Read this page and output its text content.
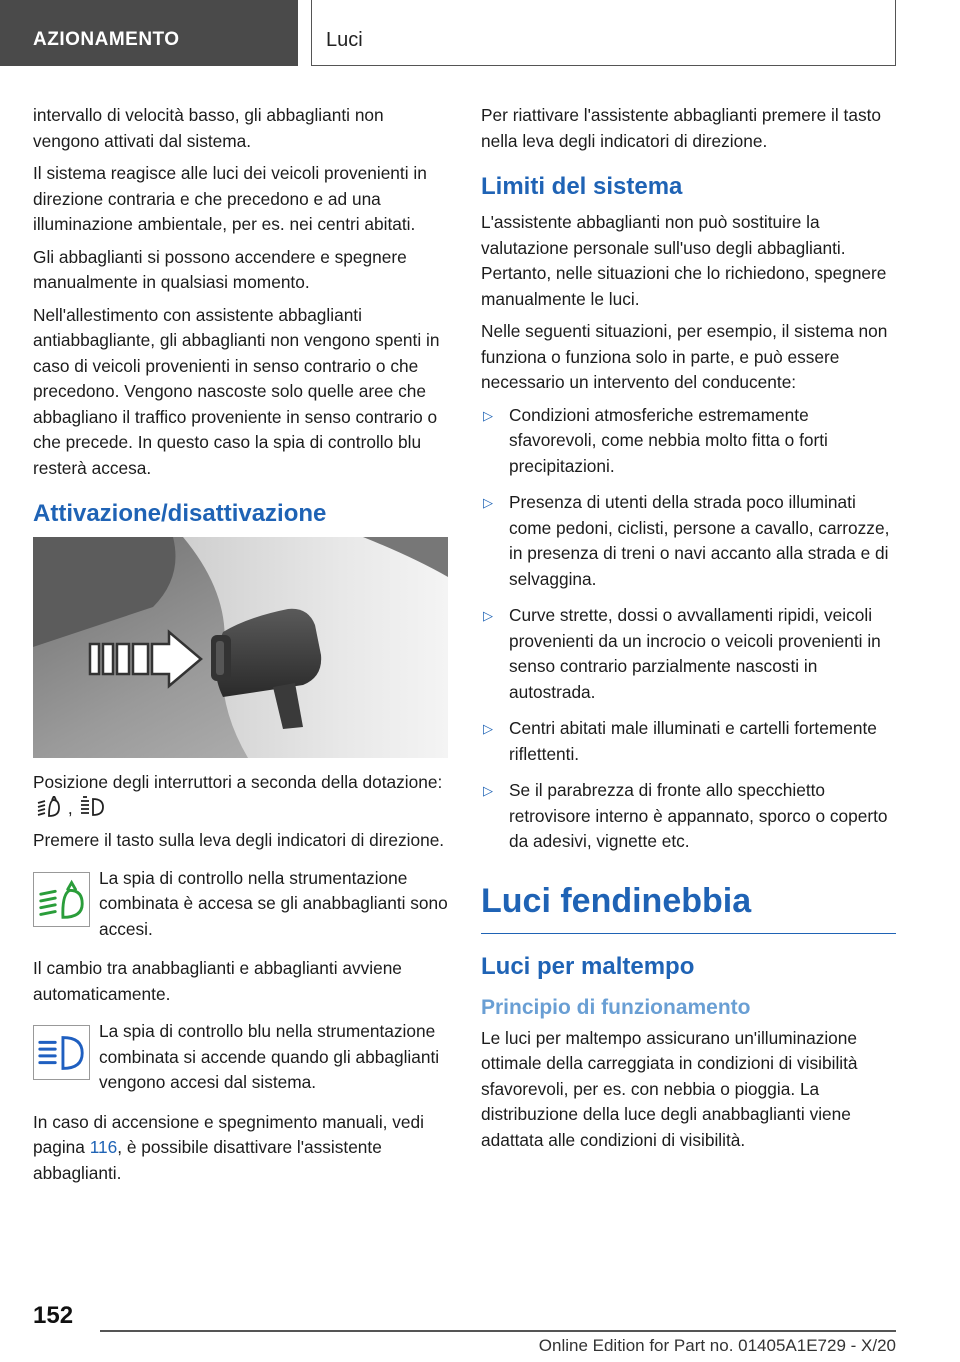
AZIONAMENTO	Luci

intervallo di velocità basso, gli abbaglianti non vengono attivati dal sistema.

Il sistema reagisce alle luci dei veicoli provenienti in direzione contraria e che precedono e ad una illuminazione ambientale, per es. nei centri abitati.

Gli abbaglianti si possono accendere e spegnere manualmente in qualsiasi momento.

Nell'allestimento con assistente abbaglianti antiabbagliante, gli abbaglianti non vengono spenti in caso di veicoli provenienti in senso contrario o che precedono. Vengono nascoste solo quelle aree che abbagliano il traffico proveniente in senso contrario o che precede. In questo caso la spia di controllo blu resterà accesa.

Attivazione/disattivazione

Posizione degli interruttori a seconda della dotazione:  ,

Premere il tasto sulla leva degli indicatori di direzione.

La spia di controllo nella strumentazione combinata è accesa se gli anabbaglianti sono accesi.

Il cambio tra anabbaglianti e abbaglianti avviene automaticamente.

La spia di controllo blu nella strumentazione combinata si accende quando gli abbaglianti vengono accesi dal sistema.

In caso di accensione e spegnimento manuali, vedi pagina 116, è possibile disattivare l'assistente abbaglianti.

Per riattivare l'assistente abbaglianti premere il tasto nella leva degli indicatori di direzione.

Limiti del sistema

L'assistente abbaglianti non può sostituire la valutazione personale sull'uso degli abbaglianti. Pertanto, nelle situazioni che lo richiedono, spegnere manualmente le luci.

Nelle seguenti situazioni, per esempio, il sistema non funziona o funziona solo in parte, e può essere necessario un intervento del conducente:

▷ Condizioni atmosferiche estremamente sfavorevoli, come nebbia molto fitta o forti precipitazioni.
▷ Presenza di utenti della strada poco illuminati come pedoni, ciclisti, persone a cavallo, carrozze, in presenza di treni o navi accanto alla strada e di selvaggina.
▷ Curve strette, dossi o avvallamenti ripidi, veicoli provenienti da un incrocio o veicoli provenienti in senso contrario parzialmente nascosti in autostrada.
▷ Centri abitati male illuminati e cartelli fortemente riflettenti.
▷ Se il parabrezza di fronte allo specchietto retrovisore interno è appannato, sporco o coperto da adesivi, vignette etc.
Luci fendinebbia
Luci per maltempo
Principio di funzionamento

Le luci per maltempo assicurano un'illuminazione ottimale della carreggiata in condizioni di visibilità sfavorevoli, per es. con nebbia o pioggia. La distribuzione della luce degli anabbaglianti viene adattata alle condizioni di visibilità.

152
Online Edition for Part no. 01405A1E729 - X/20
